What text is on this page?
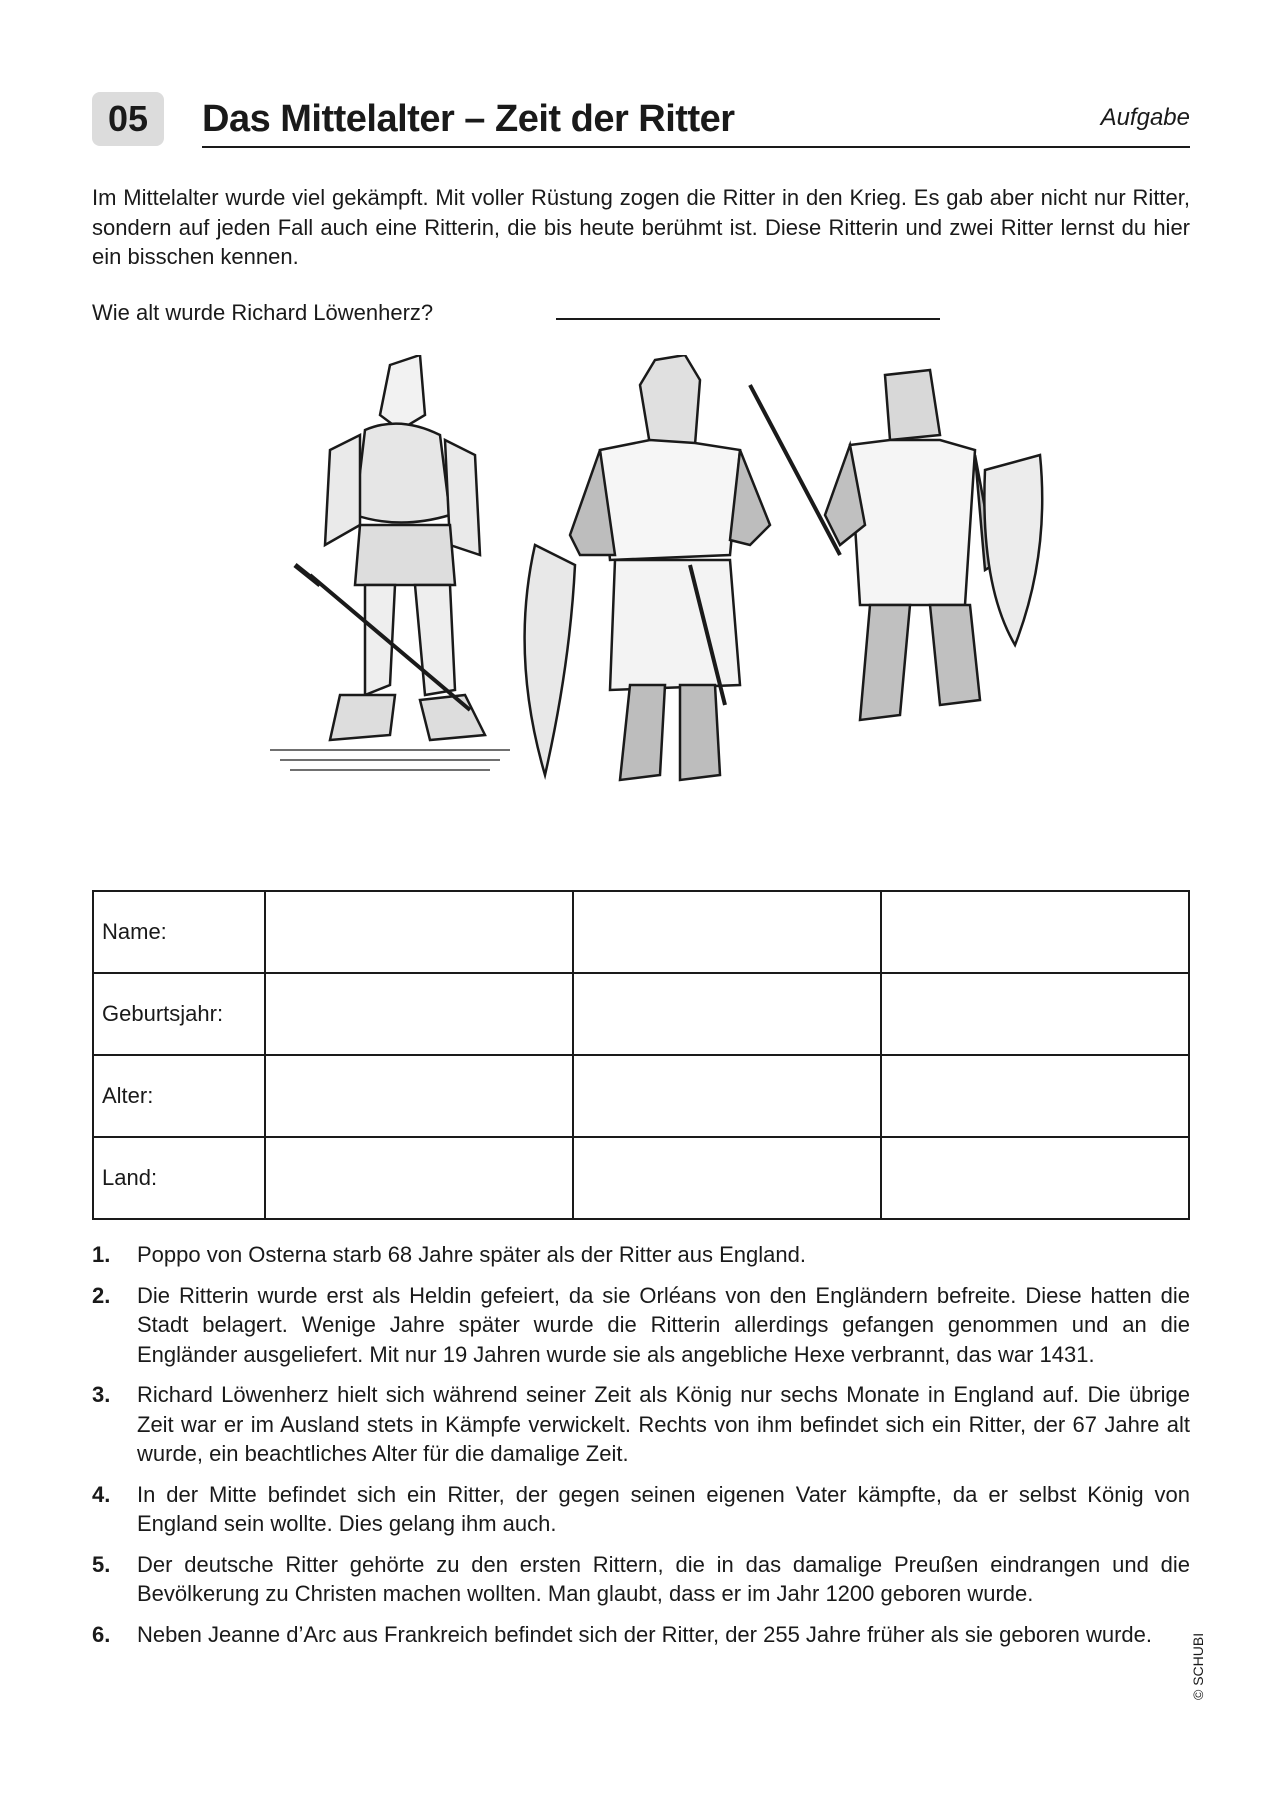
05	Das Mittelalter – Zeit der Ritter	Aufgabe

Im Mittelalter wurde viel gekämpft. Mit voller Rüstung zogen die Ritter in den Krieg. Es gab aber nicht nur Ritter, sondern auf jeden Fall auch eine Ritterin, die bis heute berühmt ist. Diese Ritterin und zwei Ritter lernst du hier ein bisschen kennen.

Wie alt wurde Richard Löwenherz?
Name:			
Geburtsjahr:			
Alter:			
Land:			
1. Poppo von Osterna starb 68 Jahre später als der Ritter aus England.
2. Die Ritterin wurde erst als Heldin gefeiert, da sie Orléans von den Engländern befreite. Diese hatten die Stadt belagert. Wenige Jahre später wurde die Ritterin allerdings gefangen genommen und an die Engländer ausgeliefert. Mit nur 19 Jahren wurde sie als angebliche Hexe verbrannt, das war 1431.
3. Richard Löwenherz hielt sich während seiner Zeit als König nur sechs Monate in England auf. Die übrige Zeit war er im Ausland stets in Kämpfe verwickelt. Rechts von ihm befindet sich ein Ritter, der 67 Jahre alt wurde, ein beachtliches Alter für die damalige Zeit.
4. In der Mitte befindet sich ein Ritter, der gegen seinen eigenen Vater kämpfte, da er selbst König von England sein wollte. Dies gelang ihm auch.
5. Der deutsche Ritter gehörte zu den ersten Rittern, die in das damalige Preußen eindrangen und die Bevölkerung zu Christen machen wollten. Man glaubt, dass er im Jahr 1200 geboren wurde.
6. Neben Jeanne d’Arc aus Frankreich befindet sich der Ritter, der 255 Jahre früher als sie geboren wurde.	© SCHUBI
